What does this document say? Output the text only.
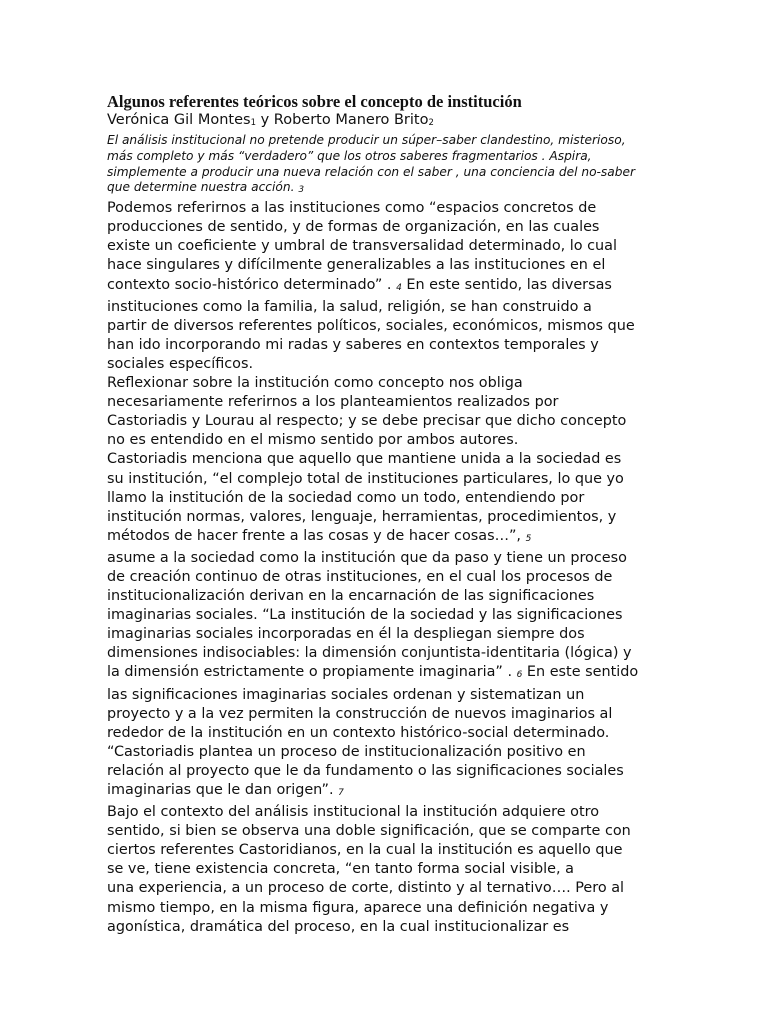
Algunos referentes teóricos sobre el concepto de institución

Verónica Gil Montes1 y Roberto Manero Brito2

El análisis institucional no pretende producir un súper–saber clandestino, misterioso,
más completo y más “verdadero” que los otros saberes fragmentarios . Aspira,
simplemente a producir una nueva relación con el saber , una conciencia del no-saber
que determine nuestra acción. 3
Podemos referirnos a las instituciones como “espacios concretos de
producciones de sentido, y de formas de organización, en las cuales
existe un coeficiente y umbral de transversalidad determinado, lo cual
hace singulares y difícilmente generalizables a las instituciones en el
contexto socio-histórico determinado” . 4 En este sentido, las diversas
instituciones como la familia, la salud, religión, se han construido a
partir de diversos referentes políticos, sociales, económicos, mismos que
han ido incorporando mi radas y saberes en contextos temporales y
sociales específicos.
Reflexionar sobre la institución como concepto nos obliga
necesariamente referirnos a los planteamientos realizados por
Castoriadis y Lourau al respecto; y se debe precisar que dicho concepto
no es entendido en el mismo sentido por ambos autores.
Castoriadis menciona que aquello que mantiene unida a la sociedad es
su institución, “el complejo total de instituciones particulares, lo que yo
llamo la institución de la sociedad como un todo, entendiendo por
institución normas, valores, lenguaje, herramientas, procedimientos, y
métodos de hacer frente a las cosas y de hacer cosas…”, 5
asume a la sociedad como la institución que da paso y tiene un proceso
de creación continuo de otras instituciones, en el cual los procesos de
institucionalización derivan en la encarnación de las significaciones
imaginarias sociales. “La institución de la sociedad y las significaciones
imaginarias sociales incorporadas en él la despliegan siempre dos
dimensiones indisociables: la dimensión conjuntista-identitaria (lógica) y
la dimensión estrictamente o propiamente imaginaria” . 6 En este sentido
las significaciones imaginarias sociales ordenan y sistematizan un
proyecto y a la vez permiten la construcción de nuevos imaginarios al
rededor de la institución en un contexto histórico-social determinado.
“Castoriadis plantea un proceso de institucionalización positivo en
relación al proyecto que le da fundamento o las significaciones sociales
imaginarias que le dan origen”. 7
Bajo el contexto del análisis institucional la institución adquiere otro
sentido, si bien se observa una doble significación, que se comparte con
ciertos referentes Castoridianos, en la cual la institución es aquello que
se ve, tiene existencia concreta, “en tanto forma social visible, a
una experiencia, a un proceso de corte, distinto y al ternativo…. Pero al
mismo tiempo, en la misma figura, aparece una definición negativa y
agonística, dramática del proceso, en la cual institucionalizar es
